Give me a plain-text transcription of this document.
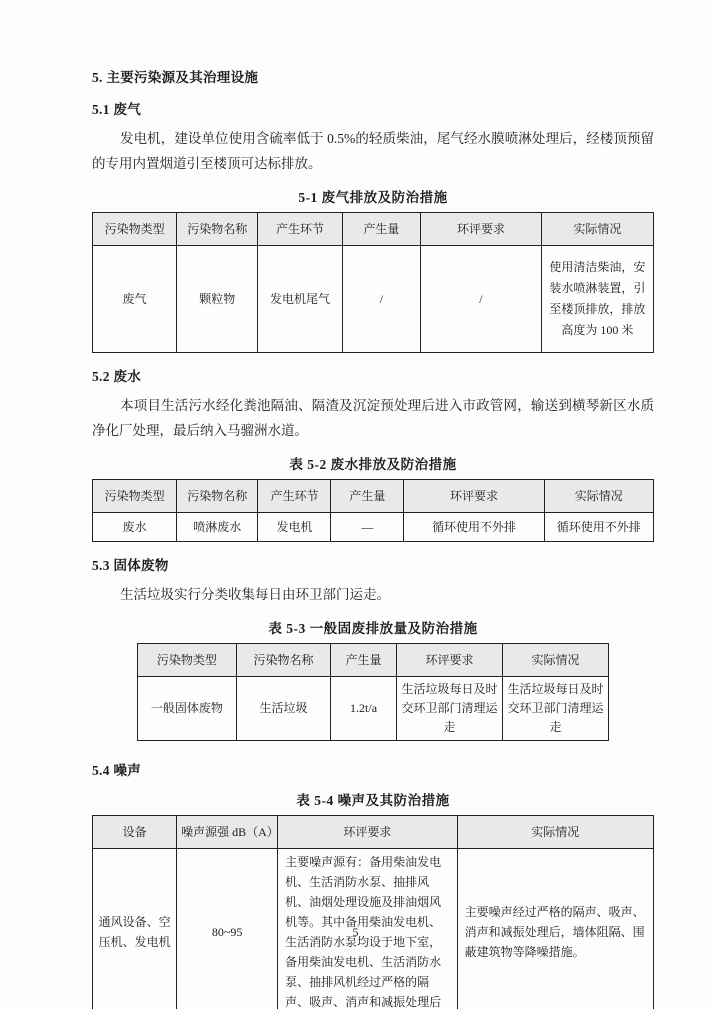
5. 主要污染源及其治理设施
5.1 废气

发电机，建设单位使用含硫率低于 0.5%的轻质柴油，尾气经水膜喷淋处理后，经楼顶预留的专用内置烟道引至楼顶可达标排放。

5-1 废气排放及防治措施
污染物类型	污染物名称	产生环节	产生量	环评要求	实际情况
废气	颗粒物	发电机尾气	/	/	使用清洁柴油，安装水喷淋装置，引至楼顶排放，排放高度为 100 米
5.2 废水

本项目生活污水经化粪池隔油、隔渣及沉淀预处理后进入市政管网，输送到横琴新区水质净化厂处理，最后纳入马骝洲水道。

表 5-2 废水排放及防治措施
污染物类型	污染物名称	产生环节	产生量	环评要求	实际情况
废水	喷淋废水	发电机	—	循环使用不外排	循环使用不外排
5.3 固体废物

生活垃圾实行分类收集每日由环卫部门运走。

表 5-3 一般固废排放量及防治措施
污染物类型	污染物名称	产生量	环评要求	实际情况
一般固体废物	生活垃圾	1.2t/a	生活垃圾每日及时交环卫部门清理运走	生活垃圾每日及时交环卫部门清理运走
5.4 噪声
表 5-4 噪声及其防治措施
设备	噪声源强 dB（A）	环评要求	实际情况
通风设备、空压机、发电机	80~95	主要噪声源有：备用柴油发电机、生活消防水泵、抽排风机、油烟处理设施及排油烟风机等。其中备用柴油发电机、生活消防水泵均设于地下室，备用柴油发电机、生活消防水泵、抽排风机经过严格的隔声、吸声、消声和减振处理后	主要噪声经过严格的隔声、吸声、消声和减振处理后，墙体阻隔、围蔽建筑物等降噪措施。
5
